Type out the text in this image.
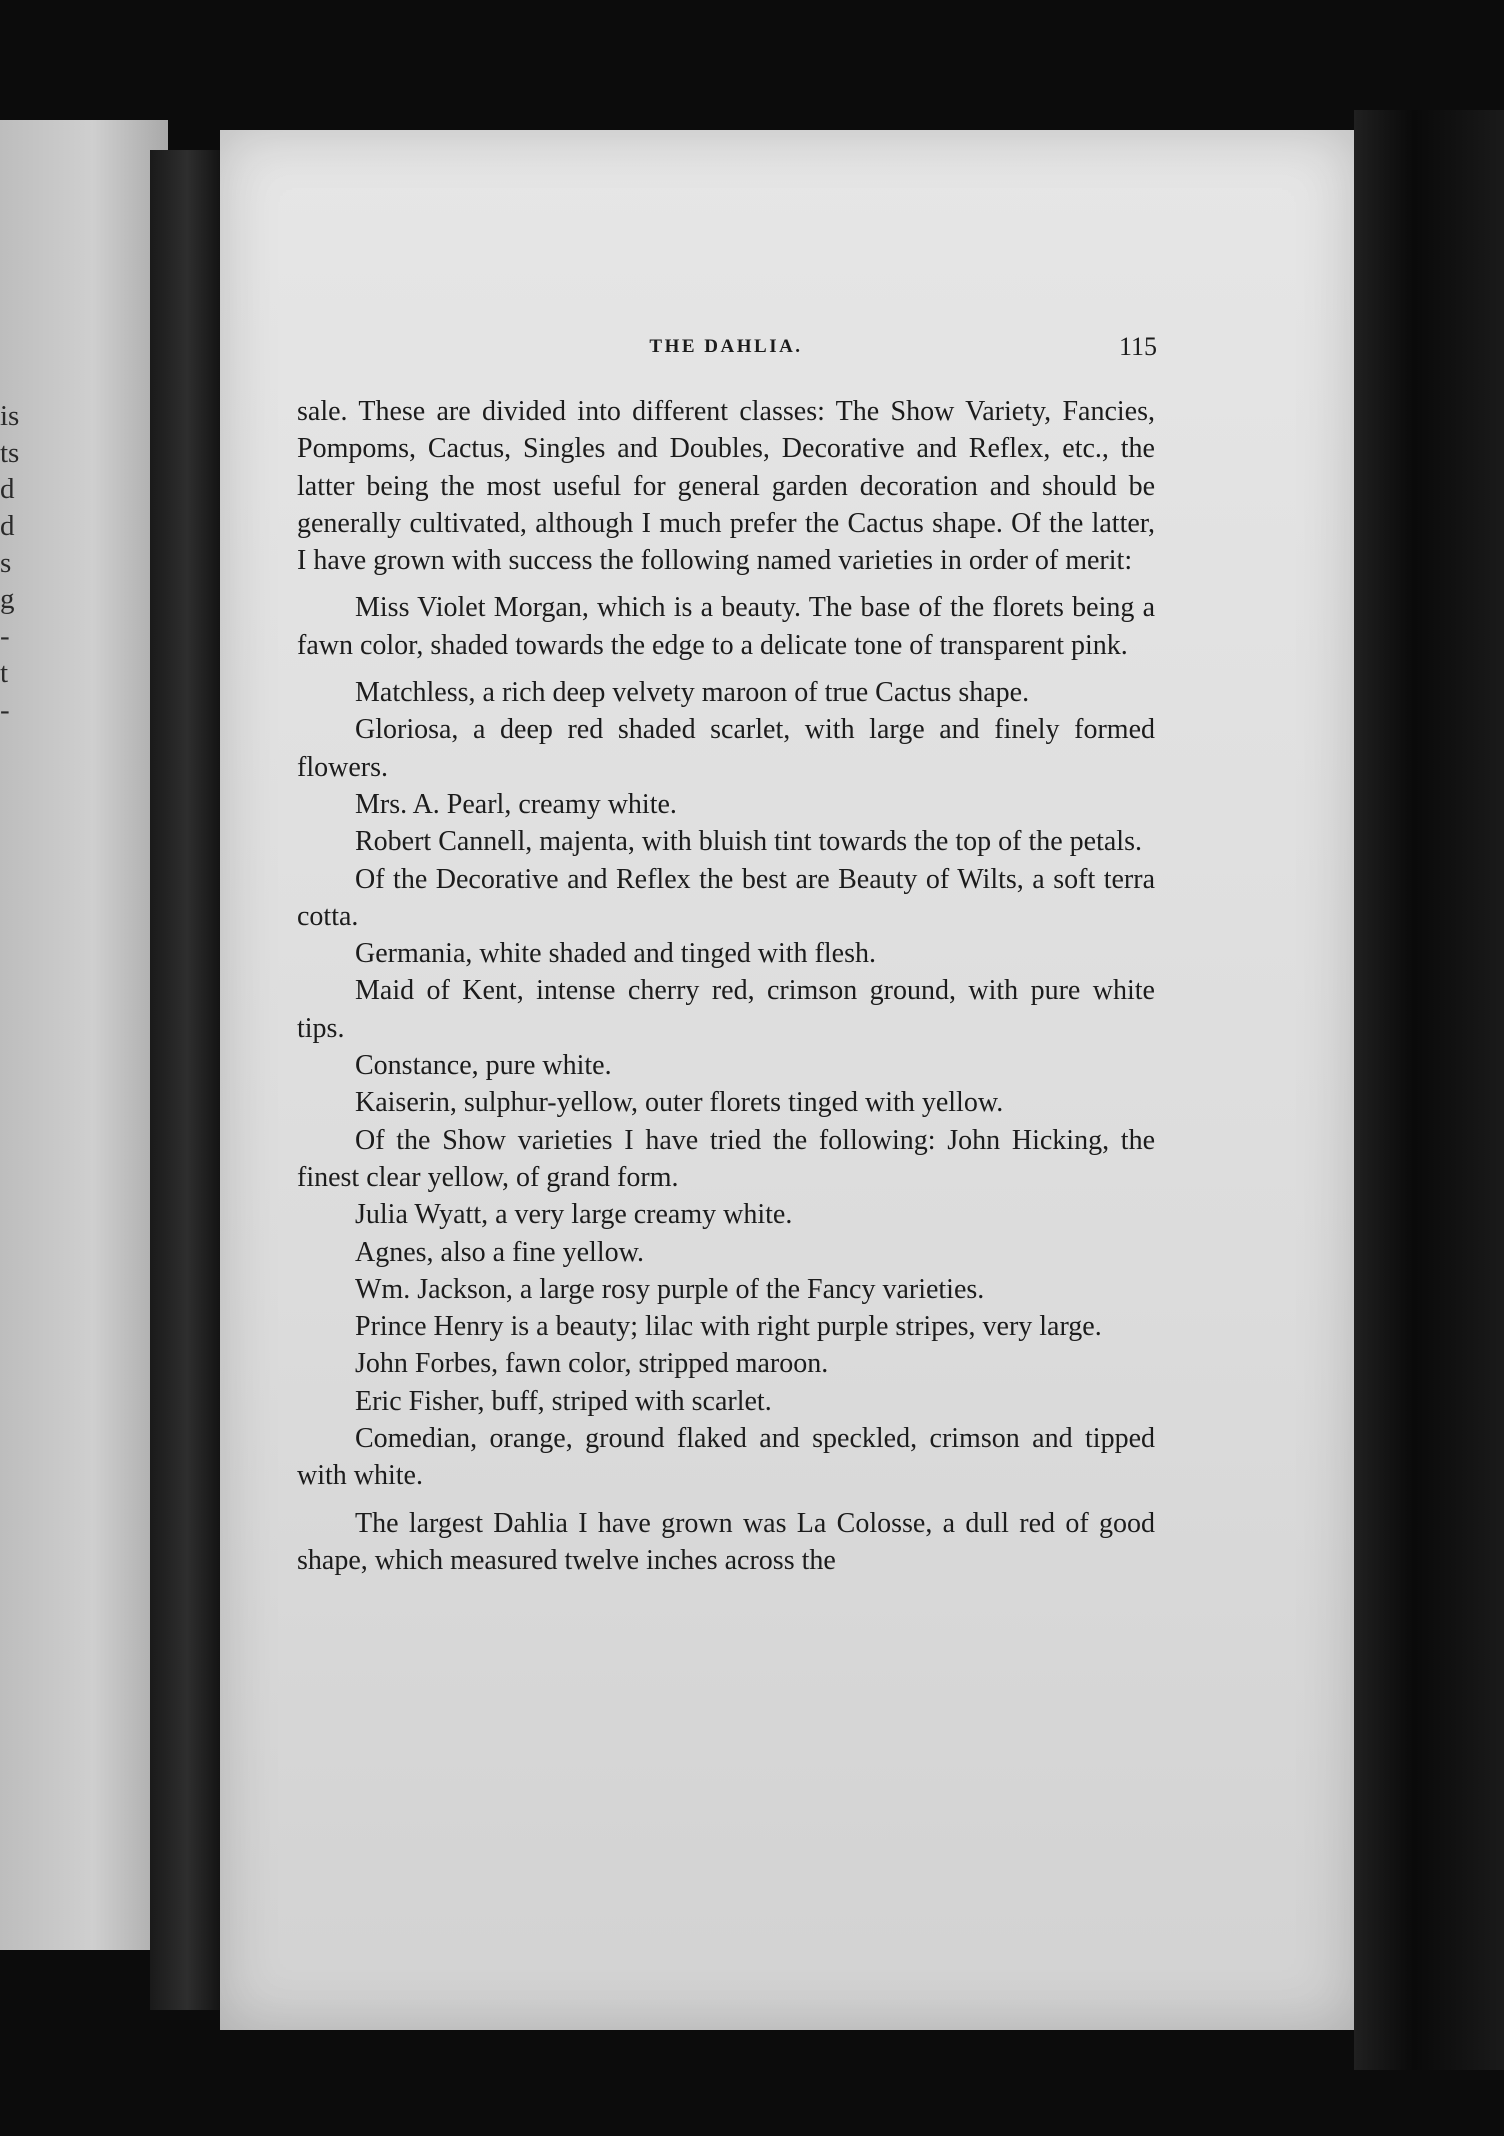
is
ts
d
d
s
g
-
t
-
THE DAHLIA.	115

sale. These are divided into different classes: The Show Variety, Fancies, Pompoms, Cactus, Singles and Doubles, Decorative and Reflex, etc., the latter being the most useful for general garden decoration and should be generally cultivated, although I much prefer the Cactus shape. Of the latter, I have grown with success the following named varieties in order of merit:

Miss Violet Morgan, which is a beauty. The base of the florets being a fawn color, shaded towards the edge to a delicate tone of transparent pink.

Matchless, a rich deep velvety maroon of true Cactus shape.

Gloriosa, a deep red shaded scarlet, with large and finely formed flowers.

Mrs. A. Pearl, creamy white.

Robert Cannell, majenta, with bluish tint towards the top of the petals.

Of the Decorative and Reflex the best are Beauty of Wilts, a soft terra cotta.

Germania, white shaded and tinged with flesh.

Maid of Kent, intense cherry red, crimson ground, with pure white tips.

Constance, pure white.

Kaiserin, sulphur-yellow, outer florets tinged with yellow.

Of the Show varieties I have tried the following: John Hicking, the finest clear yellow, of grand form.

Julia Wyatt, a very large creamy white.

Agnes, also a fine yellow.

Wm. Jackson, a large rosy purple of the Fancy varieties.

Prince Henry is a beauty; lilac with right purple stripes, very large.

John Forbes, fawn color, stripped maroon.

Eric Fisher, buff, striped with scarlet.

Comedian, orange, ground flaked and speckled, crimson and tipped with white.

The largest Dahlia I have grown was La Colosse, a dull red of good shape, which measured twelve inches across the
